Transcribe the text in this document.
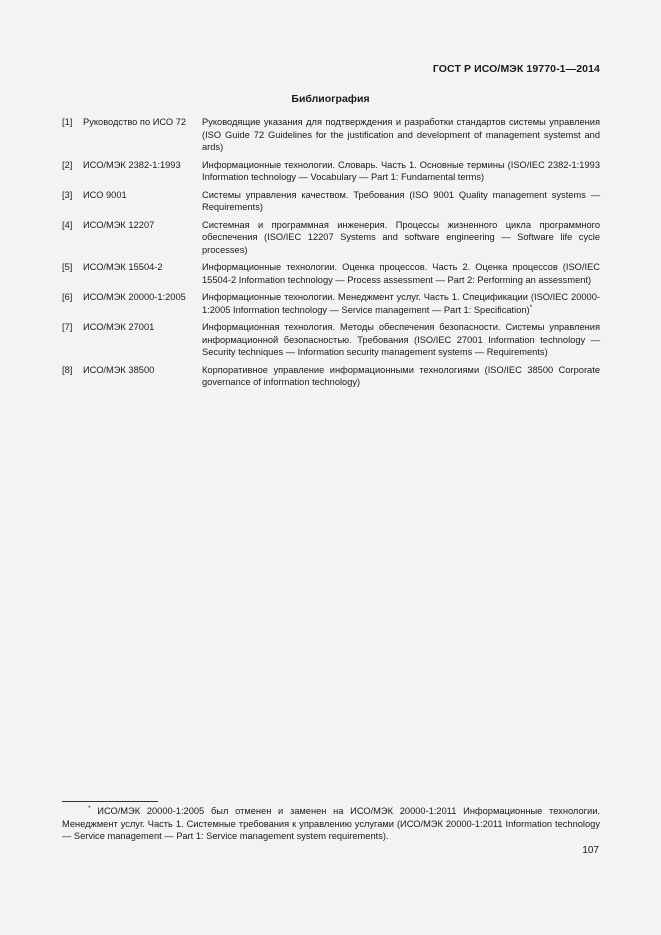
ГОСТ Р ИСО/МЭК 19770-1—2014
Библиография
[1]	Руководство по ИСО 72	Руководящие указания для подтверждения и разработки стандартов системы управления (ISO Guide 72 Guidelines for the justification and development of management systemst and ards)
[2]	ИСО/МЭК 2382-1:1993	Информационные технологии. Словарь. Часть 1. Основные термины (ISO/IEC 2382-1:1993 Information technology — Vocabulary — Part 1: Fundamental terms)
[3]	ИСО 9001	Системы управления качеством. Требования (ISO 9001 Quality management systems — Requirements)
[4]	ИСО/МЭК 12207	Системная и программная инженерия. Процессы жизненного цикла программного обеспечения (ISO/IEC 12207 Systems and software engineering — Software life cycle processes)
[5]	ИСО/МЭК 15504-2	Информационные технологии. Оценка процессов. Часть 2. Оценка процессов (ISO/IEC 15504-2 Information technology — Process assessment — Part 2: Performing an assessment)
[6]	ИСО/МЭК 20000-1:2005	Информационные технологии. Менеджмент услуг. Часть 1. Спецификации (ISO/IEC 20000-1:2005 Information technology — Service management — Part 1: Specification)*
[7]	ИСО/МЭК 27001	Информационная технология. Методы обеспечения безопасности. Системы управления информационной безопасностью. Требования (ISO/IEC 27001 Information technology — Security techniques — Information security management systems — Requirements)
[8]	ИСО/МЭК 38500	Корпоративное управление информационными технологиями (ISO/IEC 38500 Corporate governance of information technology)
* ИСО/МЭК 20000-1:2005 был отменен и заменен на ИСО/МЭК 20000-1:2011 Информационные технологии. Менеджмент услуг. Часть 1. Системные требования к управлению услугами (ИСО/МЭК 20000-1:2011 Information technology — Service management — Part 1: Service management system requirements).
107
